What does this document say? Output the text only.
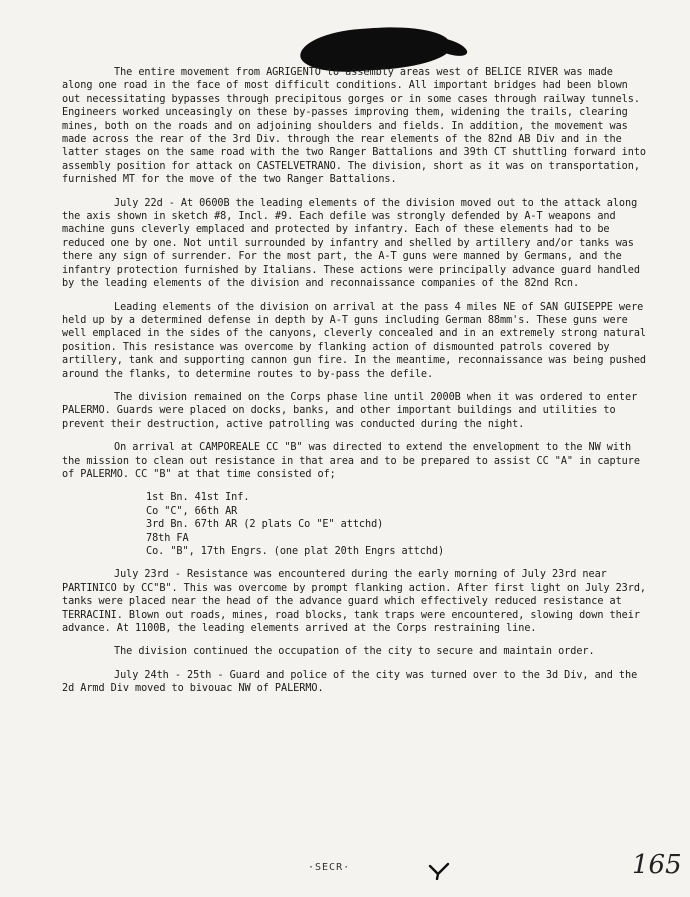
The entire movement from AGRIGENTO to assembly areas west of BELICE RIVER was made along one road in the face of most difficult conditions. All important bridges had been blown out necessitating bypasses through precipitous gorges or in some cases through railway tunnels. Engineers worked unceasingly on these by-passes improving them, widening the trails, clearing mines, both on the roads and on adjoining shoulders and fields. In addition, the movement was made across the rear of the 3rd Div. through the rear elements of the 82nd AB Div and in the latter stages on the same road with the two Ranger Battalions and 39th CT shuttling forward into assembly position for attack on CASTELVETRANO. The division, short as it was on transportation, furnished MT for the move of the two Ranger Battalions.

July 22d - At 0600B the leading elements of the division moved out to the attack along the axis shown in sketch #8, Incl. #9. Each defile was strongly defended by A-T weapons and machine guns cleverly emplaced and protected by infantry. Each of these elements had to be reduced one by one. Not until surrounded by infantry and shelled by artillery and/or tanks was there any sign of surrender. For the most part, the A-T guns were manned by Germans, and the infantry protection furnished by Italians. These actions were principally advance guard handled by the leading elements of the division and reconnaissance companies of the 82nd Rcn.

Leading elements of the division on arrival at the pass 4 miles NE of SAN GUISEPPE were held up by a determined defense in depth by A-T guns including German 88mm's. These guns were well emplaced in the sides of the canyons, cleverly concealed and in an extremely strong natural position. This resistance was overcome by flanking action of dismounted patrols covered by artillery, tank and supporting cannon gun fire. In the meantime, reconnaissance was being pushed around the flanks, to determine routes to by-pass the defile.

The division remained on the Corps phase line until 2000B when it was ordered to enter PALERMO. Guards were placed on docks, banks, and other important buildings and utilities to prevent their destruction, active patrolling was conducted during the night.

On arrival at CAMPOREALE CC "B" was directed to extend the envelopment to the NW with the mission to clean out resistance in that area and to be prepared to assist CC "A" in capture of PALERMO. CC "B" at that time consisted of;

1st Bn. 41st Inf.
Co "C", 66th AR
3rd Bn. 67th AR (2 plats Co "E" attchd)
78th FA
Co. "B", 17th Engrs. (one plat 20th Engrs attchd)

July 23rd - Resistance was encountered during the early morning of July 23rd near PARTINICO by CC"B". This was overcome by prompt flanking action. After first light on July 23rd, tanks were placed near the head of the advance guard which effectively reduced resistance at TERRACINI. Blown out roads, mines, road blocks, tank traps were encountered, slowing down their advance. At 1100B, the leading elements arrived at the Corps restraining line.

The division continued the occupation of the city to secure and maintain order.

July 24th - 25th - Guard and police of the city was turned over to the 3d Div, and the 2d Armd Div moved to bivouac NW of PALERMO.

·SECR·	165
